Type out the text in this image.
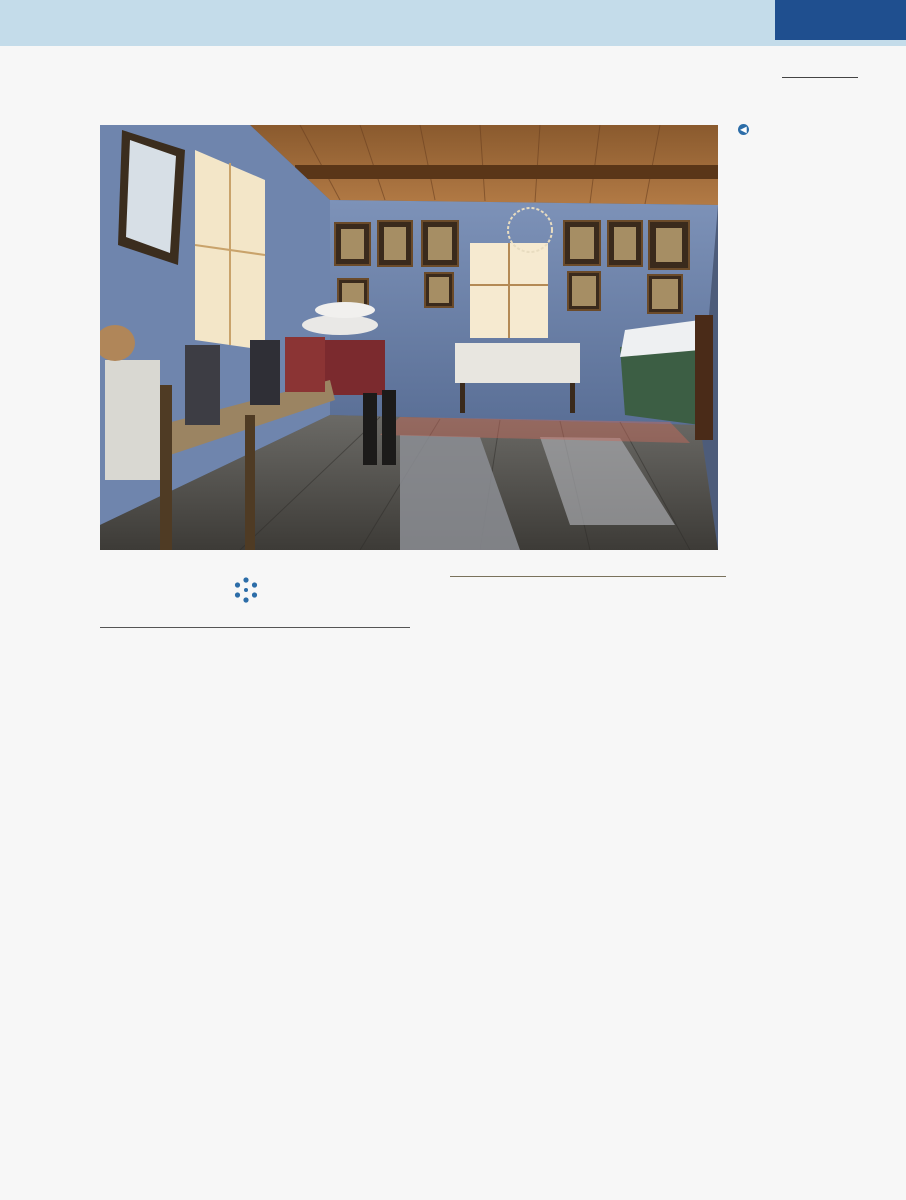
◀
